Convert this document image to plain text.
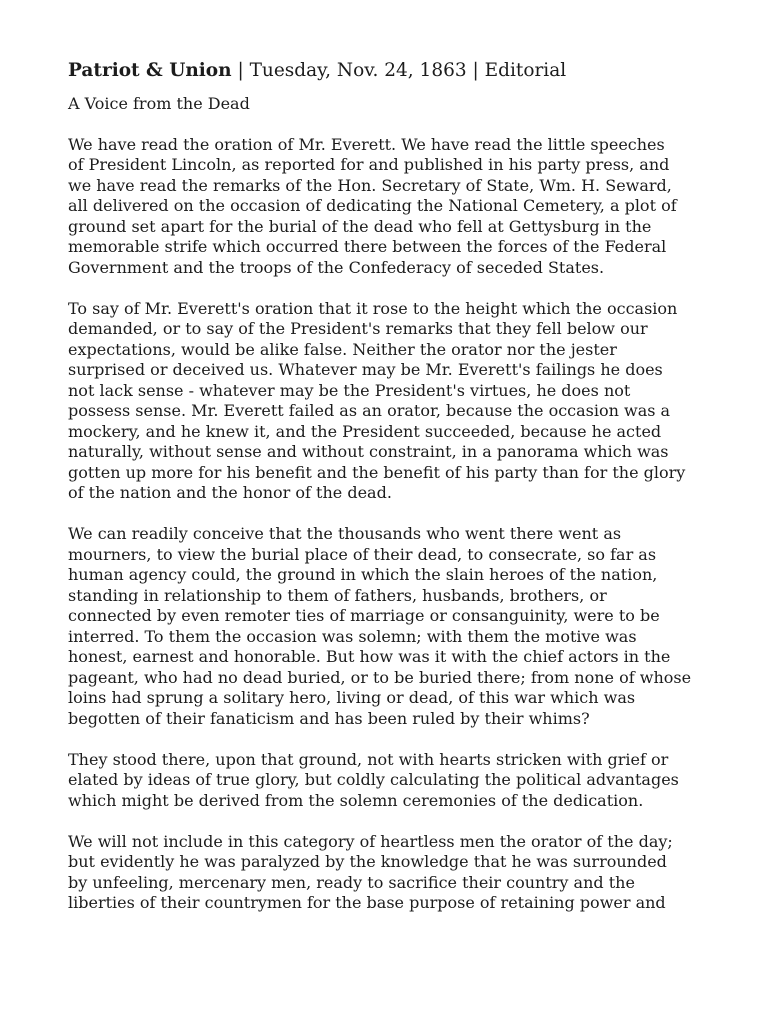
Patriot & Union | Tuesday, Nov. 24, 1863 | Editorial
A Voice from the Dead
We have read the oration of Mr. Everett. We have read the little speeches
of President Lincoln, as reported for and published in his party press, and
we have read the remarks of the Hon. Secretary of State, Wm. H. Seward,
all delivered on the occasion of dedicating the National Cemetery, a plot of
ground set apart for the burial of the dead who fell at Gettysburg in the
memorable strife which occurred there between the forces of the Federal
Government and the troops of the Confederacy of seceded States.
To say of Mr. Everett's oration that it rose to the height which the occasion
demanded, or to say of the President's remarks that they fell below our
expectations, would be alike false. Neither the orator nor the jester
surprised or deceived us. Whatever may be Mr. Everett's failings he does
not lack sense - whatever may be the President's virtues, he does not
possess sense. Mr. Everett failed as an orator, because the occasion was a
mockery, and he knew it, and the President succeeded, because he acted
naturally, without sense and without constraint, in a panorama which was
gotten up more for his benefit and the benefit of his party than for the glory
of the nation and the honor of the dead.
We can readily conceive that the thousands who went there went as
mourners, to view the burial place of their dead, to consecrate, so far as
human agency could, the ground in which the slain heroes of the nation,
standing in relationship to them of fathers, husbands, brothers, or
connected by even remoter ties of marriage or consanguinity, were to be
interred. To them the occasion was solemn; with them the motive was
honest, earnest and honorable. But how was it with the chief actors in the
pageant, who had no dead buried, or to be buried there; from none of whose
loins had sprung a solitary hero, living or dead, of this war which was
begotten of their fanaticism and has been ruled by their whims?
They stood there, upon that ground, not with hearts stricken with grief or
elated by ideas of true glory, but coldly calculating the political advantages
which might be derived from the solemn ceremonies of the dedication.
We will not include in this category of heartless men the orator of the day;
but evidently he was paralyzed by the knowledge that he was surrounded
by unfeeling, mercenary men, ready to sacrifice their country and the
liberties of their countrymen for the base purpose of retaining power and
